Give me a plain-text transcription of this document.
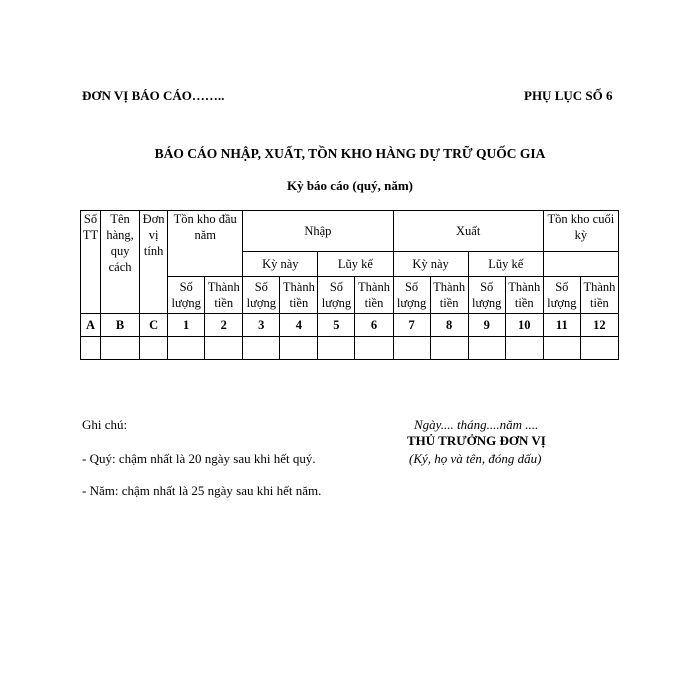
ĐƠN VỊ BÁO CÁO……..	PHỤ LỤC SỐ 6
BÁO CÁO NHẬP, XUẤT, TỒN KHO HÀNG DỰ TRỮ QUỐC GIA
Kỳ báo cáo (quý, năm)
Số TT	Tên hàng, quy cách	Đơn vị tính	Tồn kho đầu năm		Nhập				Xuất				Tồn kho cuối kỳ	
					Kỳ này		Lũy kế		Kỳ này		Lũy kế			
			Số lượng	Thành tiền	Số lượng	Thành tiền	Số lượng	Thành tiền	Số lượng	Thành tiền	Số lượng	Thành tiền	Số lượng	Thành tiền
A	B	C	1	2	3	4	5	6	7	8	9	10	11	12

Ghi chú:
- Quý: chậm nhất là 20 ngày sau khi hết quý.
- Năm: chậm nhất là 25 ngày sau khi hết năm.
Ngày.... tháng....năm ....
THỦ TRƯỞNG ĐƠN VỊ
(Ký, họ và tên, đóng dấu)
